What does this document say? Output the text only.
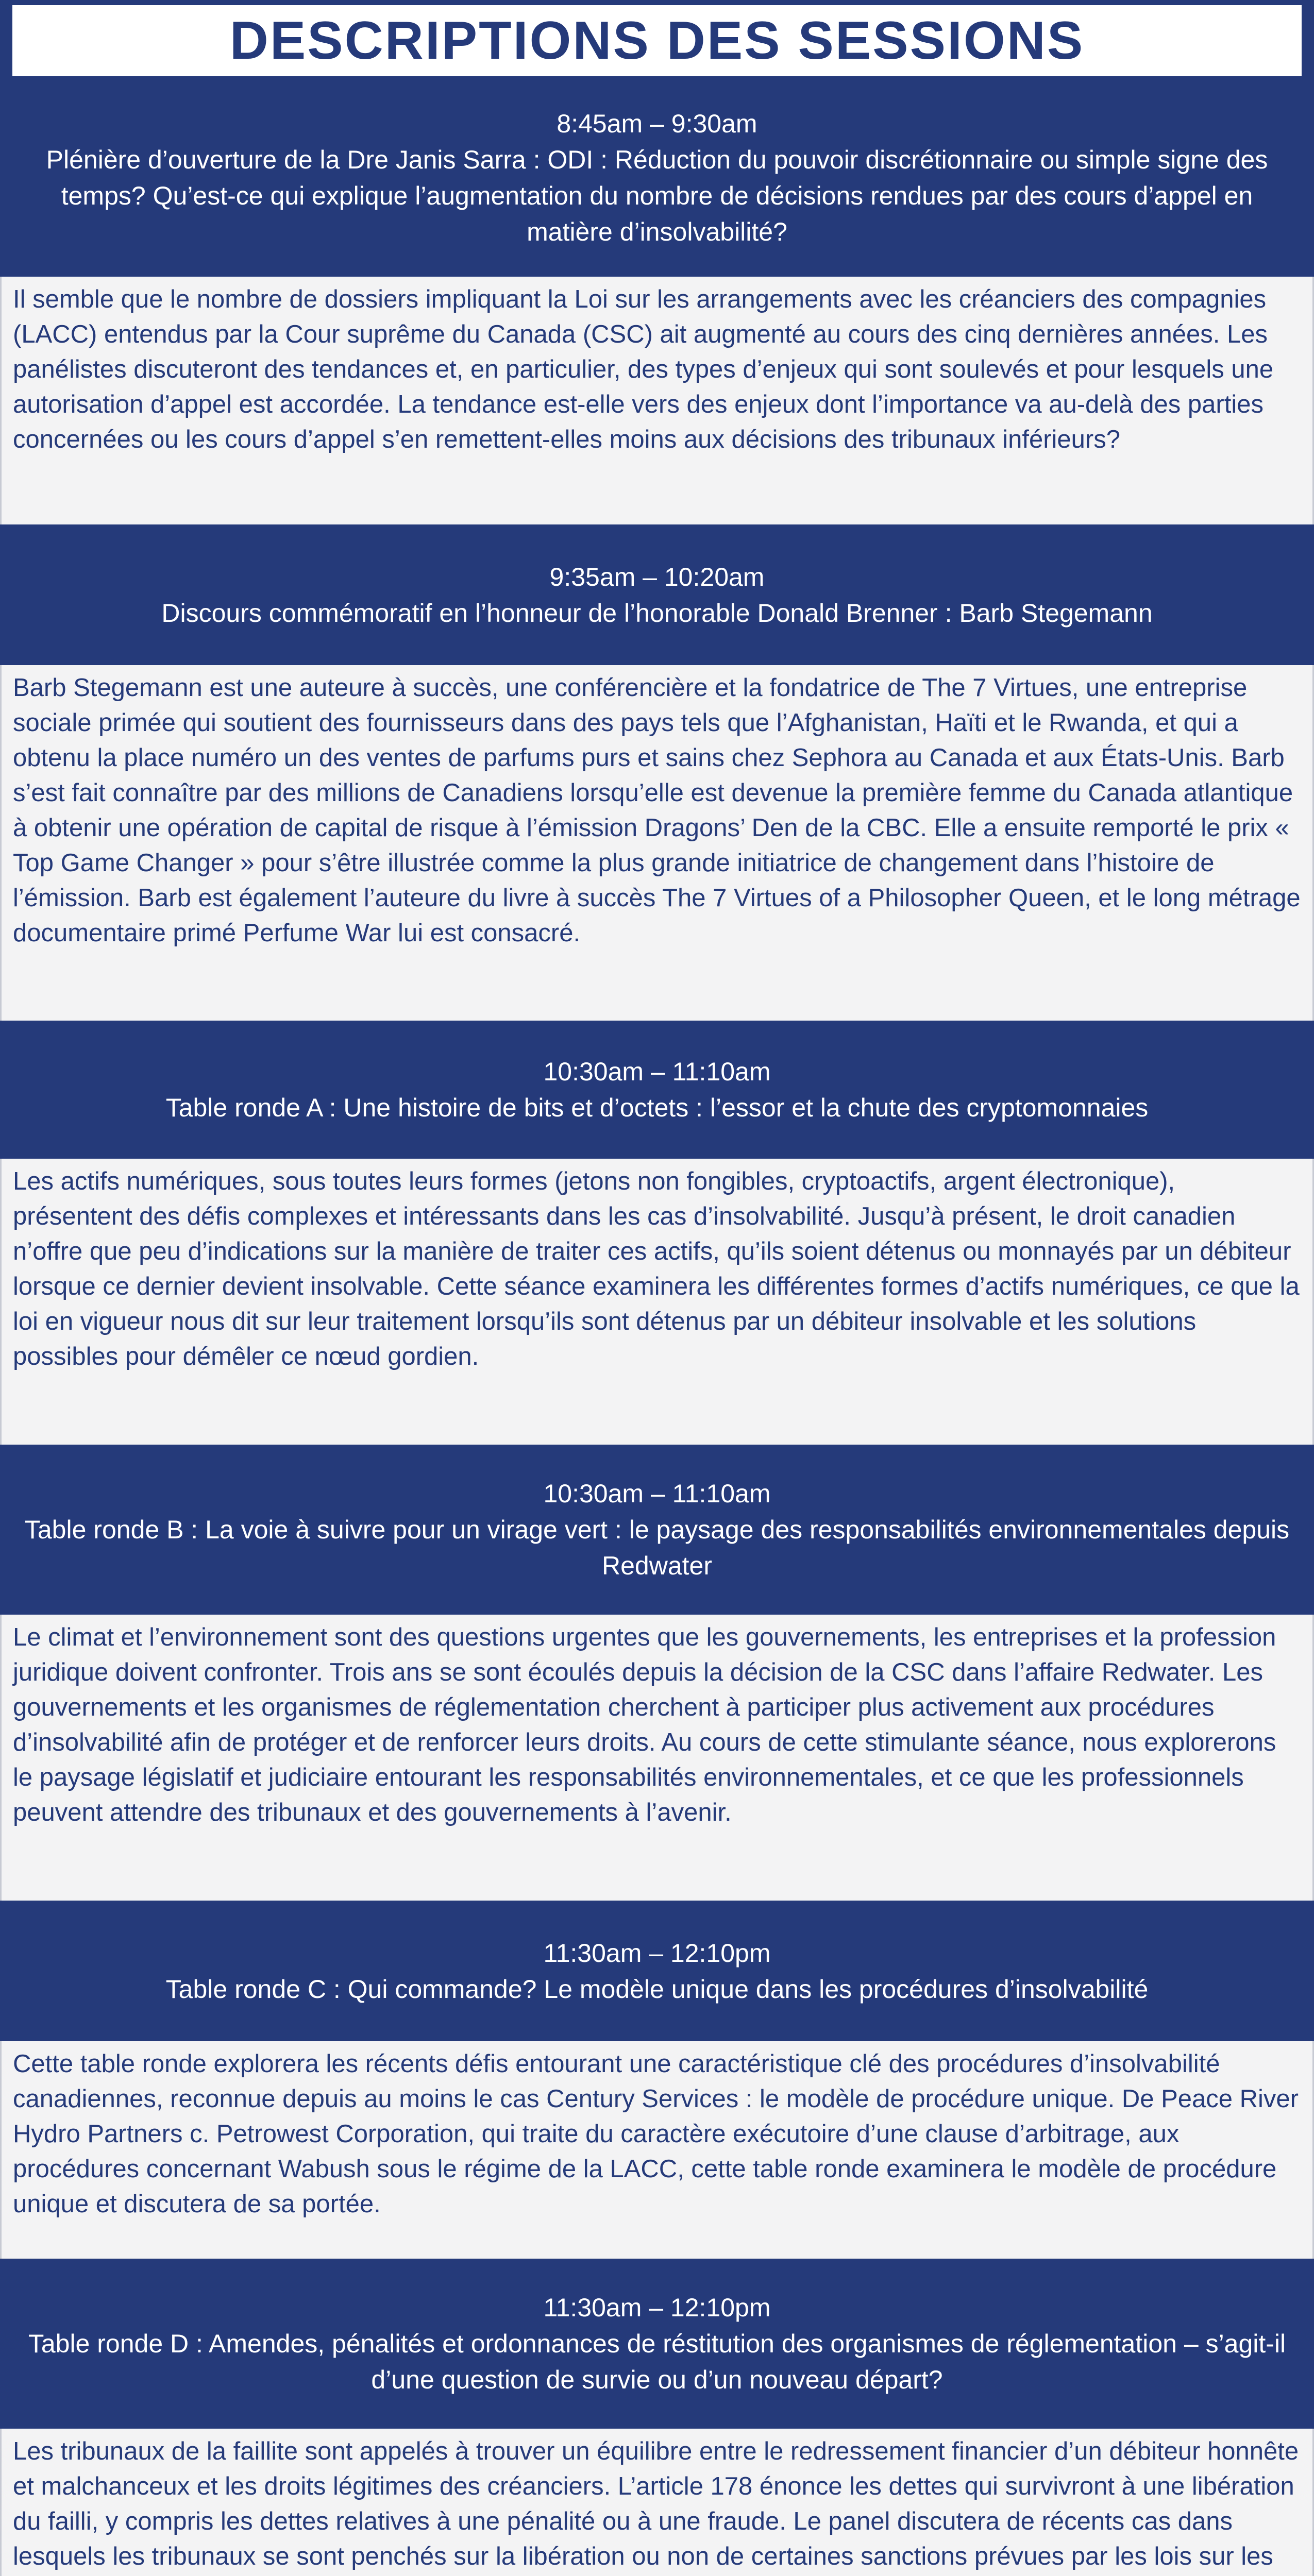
DESCRIPTIONS DES SESSIONS
8:45am – 9:30am
Plénière d’ouverture de la Dre Janis Sarra : ODI : Réduction du pouvoir discrétionnaire ou simple signe des temps? Qu’est-ce qui explique l’augmentation du nombre de décisions rendues par des cours d’appel en matière d’insolvabilité?

Il semble que le nombre de dossiers impliquant la Loi sur les arrangements avec les créanciers des compagnies (LACC) entendus par la Cour suprême du Canada (CSC) ait augmenté au cours des cinq dernières années. Les panélistes discuteront des tendances et, en particulier, des types d’enjeux qui sont soulevés et pour lesquels une autorisation d’appel est accordée. La tendance est-elle vers des enjeux dont l’importance va au-delà des parties concernées ou les cours d’appel s’en remettent-elles moins aux décisions des tribunaux inférieurs?

9:35am – 10:20am
Discours commémoratif en l’honneur de l’honorable Donald Brenner : Barb Stegemann

Barb Stegemann est une auteure à succès, une conférencière et la fondatrice de The 7 Virtues, une entreprise sociale primée qui soutient des fournisseurs dans des pays tels que l’Afghanistan, Haïti et le Rwanda, et qui a obtenu la place numéro un des ventes de parfums purs et sains chez Sephora au Canada et aux États-Unis. Barb s’est fait connaître par des millions de Canadiens lorsqu’elle est devenue la première femme du Canada atlantique à obtenir une opération de capital de risque à l’émission Dragons’ Den de la CBC. Elle a ensuite remporté le prix « Top Game Changer » pour s’être illustrée comme la plus grande initiatrice de changement dans l’histoire de l’émission. Barb est également l’auteure du livre à succès The 7 Virtues of a Philosopher Queen, et le long métrage documentaire primé Perfume War lui est consacré.

10:30am – 11:10am
Table ronde A : Une histoire de bits et d’octets : l’essor et la chute des cryptomonnaies

Les actifs numériques, sous toutes leurs formes (jetons non fongibles, cryptoactifs, argent électronique), présentent des défis complexes et intéressants dans les cas d’insolvabilité. Jusqu’à présent, le droit canadien n’offre que peu d’indications sur la manière de traiter ces actifs, qu’ils soient détenus ou monnayés par un débiteur lorsque ce dernier devient insolvable. Cette séance examinera les différentes formes d’actifs numériques, ce que la loi en vigueur nous dit sur leur traitement lorsqu’ils sont détenus par un débiteur insolvable et les solutions possibles pour démêler ce nœud gordien.

10:30am – 11:10am
Table ronde B : La voie à suivre pour un virage vert : le paysage des responsabilités environnementales depuis Redwater

Le climat et l’environnement sont des questions urgentes que les gouvernements, les entreprises et la profession juridique doivent confronter. Trois ans se sont écoulés depuis la décision de la CSC dans l’affaire Redwater. Les gouvernements et les organismes de réglementation cherchent à participer plus activement aux procédures d’insolvabilité afin de protéger et de renforcer leurs droits. Au cours de cette stimulante séance, nous explorerons le paysage législatif et judiciaire entourant les responsabilités environnementales, et ce que les professionnels peuvent attendre des tribunaux et des gouvernements à l’avenir.

11:30am – 12:10pm
Table ronde C : Qui commande? Le modèle unique dans les procédures d’insolvabilité

Cette table ronde explorera les récents défis entourant une caractéristique clé des procédures d’insolvabilité canadiennes, reconnue depuis au moins le cas Century Services : le modèle de procédure unique. De Peace River Hydro Partners c. Petrowest Corporation, qui traite du caractère exécutoire d’une clause d’arbitrage, aux procédures concernant Wabush sous le régime de la LACC, cette table ronde examinera le modèle de procédure unique et discutera de sa portée.

11:30am – 12:10pm
Table ronde D : Amendes, pénalités et ordonnances de réstitution des organismes de réglementation – s’agit-il d’une question de survie ou d’un nouveau départ?

Les tribunaux de la faillite sont appelés à trouver un équilibre entre le redressement financier d’un débiteur honnête et malchanceux et les droits légitimes des créanciers. L’article 178 énonce les dettes qui survivront à une libération du failli, y compris les dettes relatives à une pénalité ou à une fraude. Le panel discutera de récents cas dans lesquels les tribunaux se sont penchés sur la libération ou non de certaines sanctions prévues par les lois sur les
